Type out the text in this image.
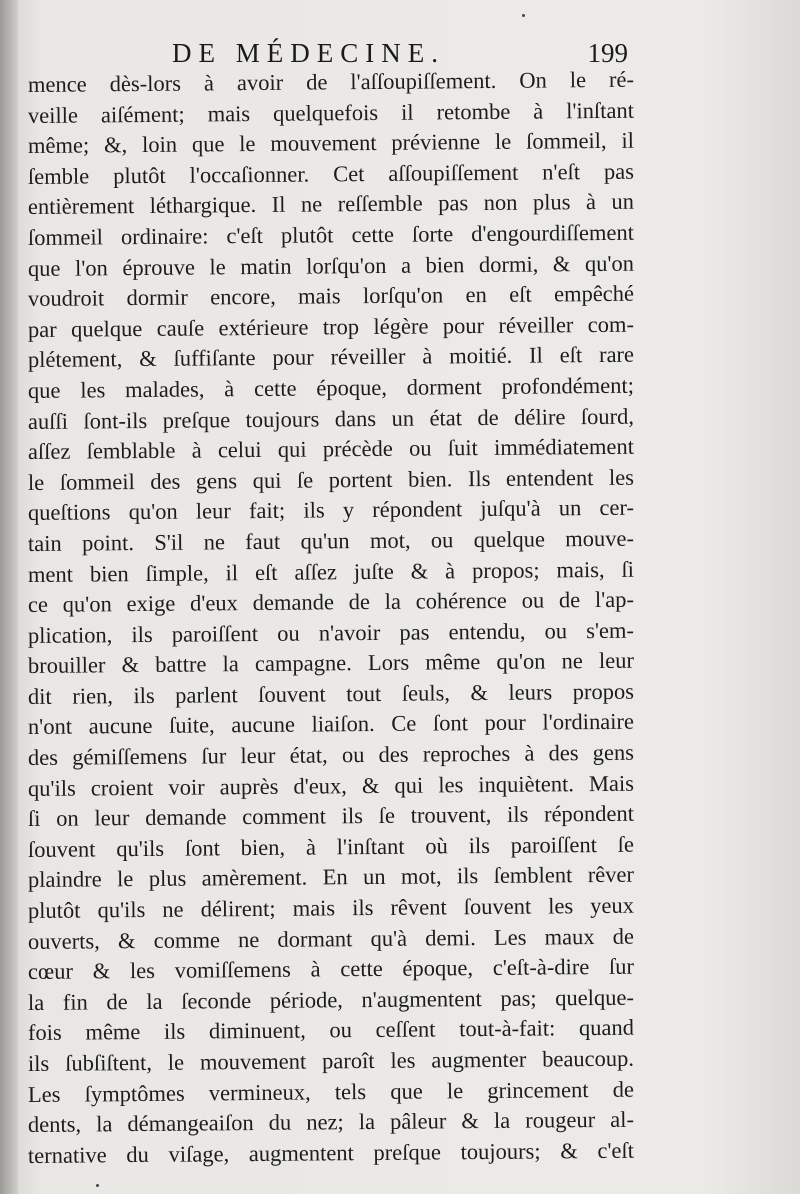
DE MÉDECINE.	199
mence dès-lors à avoir de l'aſſoupiſſement. On le ré-
veille aiſément; mais quelquefois il retombe à l'inſtant
même; &, loin que le mouvement prévienne le ſommeil, il
ſemble plutôt l'occaſionner. Cet aſſoupiſſement n'eſt pas
entièrement léthargique. Il ne reſſemble pas non plus à un
ſommeil ordinaire: c'eſt plutôt cette ſorte d'engourdiſſement
que l'on éprouve le matin lorſqu'on a bien dormi, & qu'on
voudroit dormir encore, mais lorſqu'on en eſt empêché
par quelque cauſe extérieure trop légère pour réveiller com-
plétement, & ſuffiſante pour réveiller à moitié. Il eſt rare
que les malades, à cette époque, dorment profondément;
auſſi ſont-ils preſque toujours dans un état de délire ſourd,
aſſez ſemblable à celui qui précède ou ſuit immédiatement
le ſommeil des gens qui ſe portent bien. Ils entendent les
queſtions qu'on leur fait; ils y répondent juſqu'à un cer-
tain point. S'il ne faut qu'un mot, ou quelque mouve-
ment bien ſimple, il eſt aſſez juſte & à propos; mais, ſi
ce qu'on exige d'eux demande de la cohérence ou de l'ap-
plication, ils paroiſſent ou n'avoir pas entendu, ou s'em-
brouiller & battre la campagne. Lors même qu'on ne leur
dit rien, ils parlent ſouvent tout ſeuls, & leurs propos
n'ont aucune ſuite, aucune liaiſon. Ce ſont pour l'ordinaire
des gémiſſemens ſur leur état, ou des reproches à des gens
qu'ils croient voir auprès d'eux, & qui les inquiètent. Mais
ſi on leur demande comment ils ſe trouvent, ils répondent
ſouvent qu'ils ſont bien, à l'inſtant où ils paroiſſent ſe
plaindre le plus amèrement. En un mot, ils ſemblent rêver
plutôt qu'ils ne délirent; mais ils rêvent ſouvent les yeux
ouverts, & comme ne dormant qu'à demi. Les maux de
cœur & les vomiſſemens à cette époque, c'eſt-à-dire ſur
la fin de la ſeconde période, n'augmentent pas; quelque-
fois même ils diminuent, ou ceſſent tout-à-fait: quand
ils ſubſiſtent, le mouvement paroît les augmenter beaucoup.
Les ſymptômes vermineux, tels que le grincement de
dents, la démangeaiſon du nez; la pâleur & la rougeur al-
ternative du viſage, augmentent preſque toujours; & c'eſt
